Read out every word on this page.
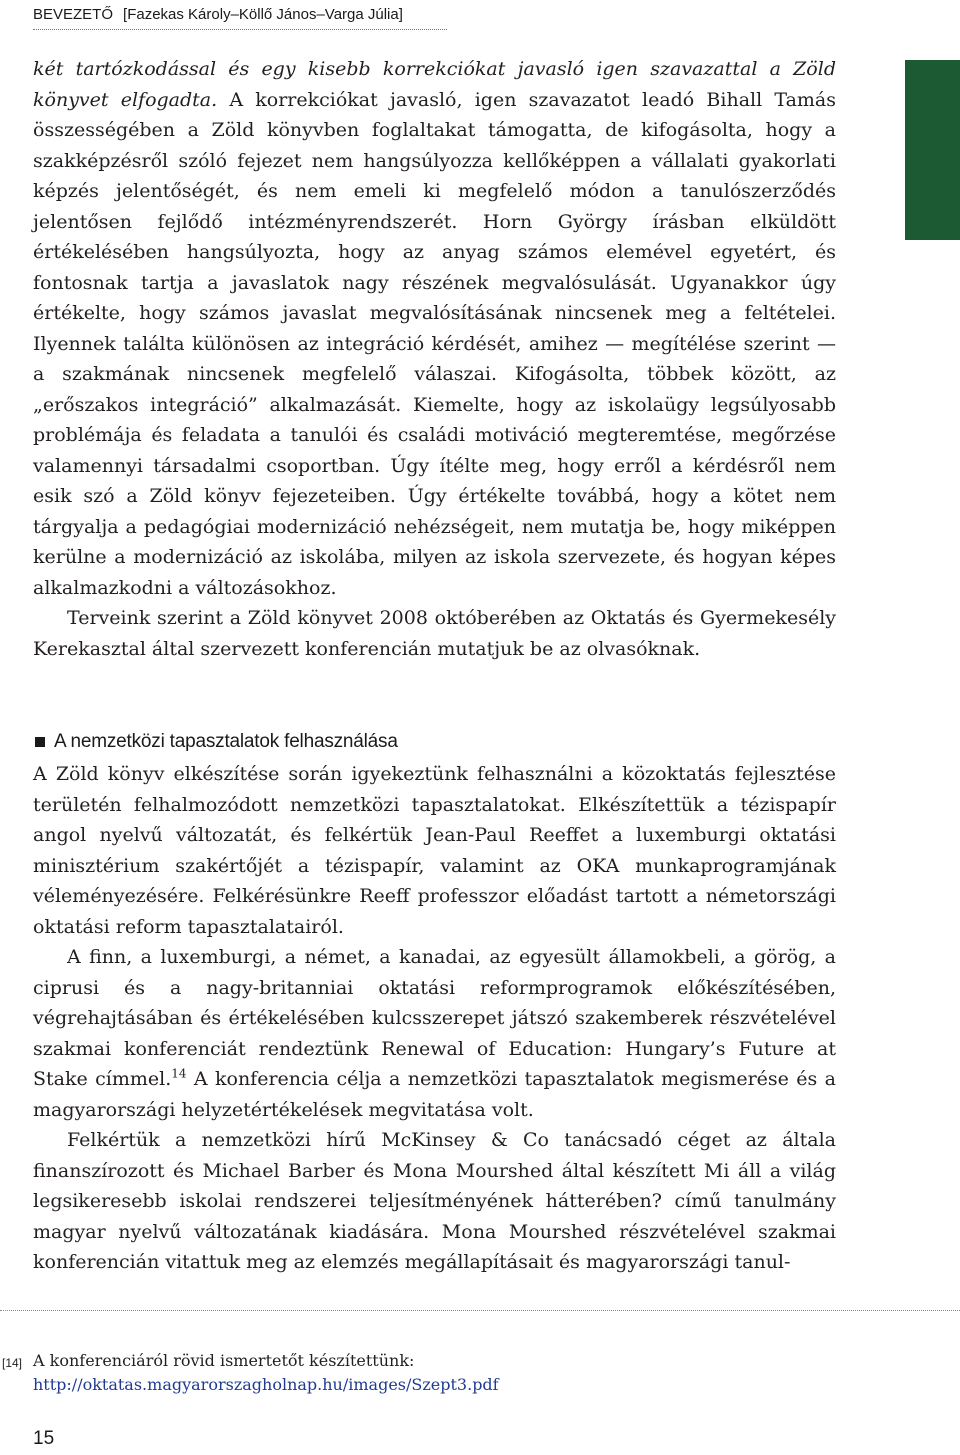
BEVEZETŐ [Fazekas Károly–Köllő János–Varga Júlia]

két tartózkodással és egy kisebb korrekciókat javasló igen szavazattal a Zöld könyvet elfogadta. A korrekciókat javasló, igen szavazatot leadó Bihall Tamás összességében a Zöld könyvben foglaltakat támogatta, de kifogásolta, hogy a szakképzésről szóló fejezet nem hangsúlyozza kellőképpen a vállalati gyakorlati képzés jelentőségét, és nem emeli ki megfelelő módon a tanulószerződés jelentősen fejlődő intézményrendszerét. Horn György írásban elküldött értékelésében hangsúlyozta, hogy az anyag számos elemével egyetért, és fontosnak tartja a javaslatok nagy részének megvalósulását. Ugyanakkor úgy értékelte, hogy számos javaslat megvalósításának nincsenek meg a feltételei. Ilyennek találta különösen az integráció kérdését, amihez — megítélése szerint — a szakmának nincsenek megfelelő válaszai. Kifogásolta, többek között, az „erőszakos integráció” alkalmazását. Kiemelte, hogy az iskolaügy legsúlyosabb problémája és feladata a tanulói és családi motiváció megteremtése, megőrzése valamennyi társadalmi csoportban. Úgy ítélte meg, hogy erről a kérdésről nem esik szó a Zöld könyv fejezeteiben. Úgy értékelte továbbá, hogy a kötet nem tárgyalja a pedagógiai modernizáció nehézségeit, nem mutatja be, hogy miképpen kerülne a modernizáció az iskolába, milyen az iskola szervezete, és hogyan képes alkalmazkodni a változásokhoz.

Terveink szerint a Zöld könyvet 2008 októberében az Oktatás és Gyermekesély Kerekasztal által szervezett konferencián mutatjuk be az olvasóknak.

A nemzetközi tapasztalatok felhasználása

A Zöld könyv elkészítése során igyekeztünk felhasználni a közoktatás fejlesztése területén felhalmozódott nemzetközi tapasztalatokat. Elkészítettük a tézispapír angol nyelvű változatát, és felkértük Jean-Paul Reeffet a luxemburgi oktatási minisztérium szakértőjét a tézispapír, valamint az OKA munkaprogramjának véleményezésére. Felkérésünkre Reeff professzor előadást tartott a németországi oktatási reform tapasztalatairól.

A finn, a luxemburgi, a német, a kanadai, az egyesült államokbeli, a görög, a ciprusi és a nagy-britanniai oktatási reformprogramok előkészítésében, végrehajtásában és értékelésében kulcsszerepet játszó szakemberek részvételével szakmai konferenciát rendeztünk Renewal of Education: Hungary’s Future at Stake címmel.$^{14}$ A konferencia célja a nemzetközi tapasztalatok megismerése és a magyarországi helyzetértékelések megvitatása volt.

Felkértük a nemzetközi hírű McKinsey & Co tanácsadó céget az általa finanszírozott és Michael Barber és Mona Mourshed által készített Mi áll a világ legsikeresebb iskolai rendszerei teljesítményének hátterében? című tanulmány magyar nyelvű változatának kiadására. Mona Mourshed részvételével szakmai konferencián vitattuk meg az elemzés megállapításait és magyarországi tanul-

[14] A konferenciáról rövid ismertetőt készítettünk: http://oktatas.magyarorszagholnap.hu/images/Szept3.pdf
15
